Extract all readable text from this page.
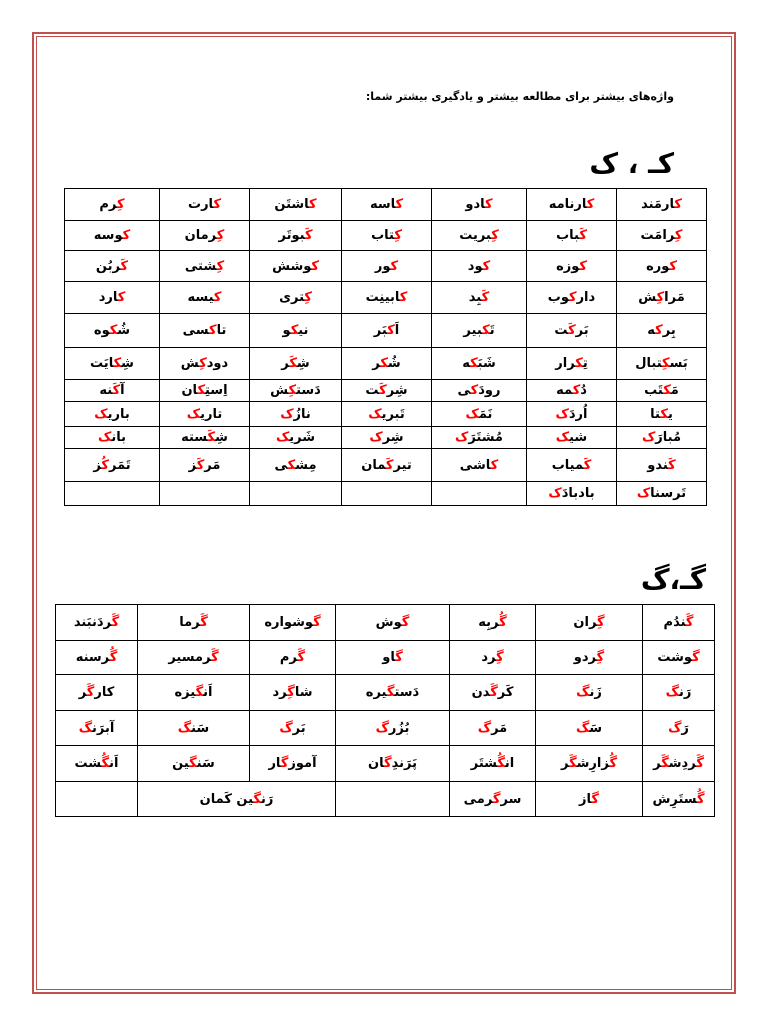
واژه‌های بیشتر برای مطالعه بیشتر و یادگیری بیشتر شما:
کـ ، ک
کارمَند	کارنامه	کادو	کاسه	کاشتَن	کارت	کِرم
کِرامَت	کَباب	کِبریت	کِتاب	کَبوتَر	کِرمان	کوسه
کوره	کوزه	کود	کور	کوشش	کِشتی	کَربُن
مَراکِش	دارکوب	کَبِد	کابینِت	کِتری	کیسه	کارد
بِرکه	بَرکَت	تَکبیر	اَکبَر	نیکو	تاکسی	شُکوه
بَسکِتبال	تِکرار	شَبَکه	شُکر	شِکَر	دودکِش	شِکایَت
مَکتَب	دُکمه	رودَکی	شِرکَت	دَستکِش	اِستِکان	آکَنه
یکتا	اُردَک	نَمَک	تَبریک	نازُک	تاریک	باریک
مُبارَک	شیک	مُشتَرَک	شِرک	شَریک	شِکَسته	بانک
کَندو	کَمیاب	کاشی	تیرکَمان	مِشکی	مَرکَز	تَمَرکُز
تَرسناک	بادبادَک					
گـ،گ
گَندُم	گِران	گُربِه	گوش	گوشواره	گَرما	گَردَنبَند
گوشت	گِردو	گِرد	گاو	گَرم	گَرمسیر	گُرسنه
رَنگ	زَنگ	کَرگَدن	دَستگیره	شاگِرد	اَنگیزه	کارگَر
رَگ	سَگ	مَرگ	بُزُرگ	بَرگ	سَنگ	آبرَنگ
گَردِشگَر	گُزارِشگَر	انگُشتَر	پَرَندِگان	آموزگار	سَنگین	اَنگُشت
گُستَرِش	گاز	سرگرمی		رَنگین کَمان		
